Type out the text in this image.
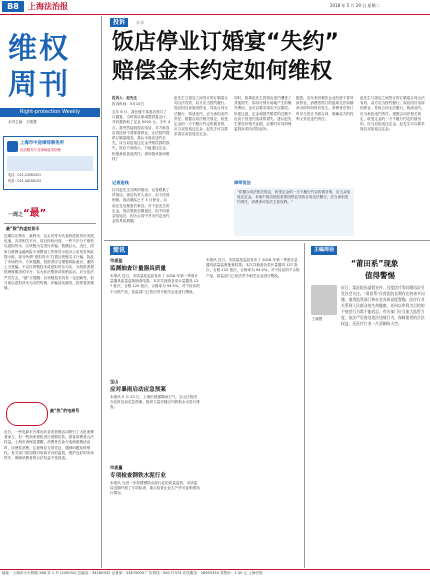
B8	上海法治报	2018 年 5 月 29 日 星期二
维权
周刊
Right-protection Weekly
本刊主编：王啸慧
上海市中房律师事务所
优质服务专业律师值得信赖
电话：021-24563451
传真：021-48160153
一周之“最”
最“假”的虚拟货币
近期以比特币、莱特币、以太坊等为代表的虚拟货币发展迅速，各类相关平台、项目纷纷出现，一些不法分子借机以虚拟货币、区块链为名进行诈骗，数额巨大。近日，国家互联网金融风险专项整治工作领导小组办公室发布风险提示称，部分所谓“虚拟货币”打着区块链名义行骗，扰乱了市场秩序。专家提醒，投资者应当增强风险意识，谨防上当受骗。不以区块链技术或虚拟货币为名，为投资者提供理财服务的平台，实为非法集资或传销活动，应当依法严厉打击。“最”字提醒：区块链技术具有一定创新性，但当前以虚拟货币为名的传销、诈骗活动频发，投资者须谨慎。
最“热”的电商号
近日，一些电商平台推出的各类营销活动吸引了大批消费者参与，但一些商家借机进行虚假宣传，损害消费者合法权益。上海市消保委提醒，消费者在参与电商促销活动时，应理性消费，注意保存交易凭证，遇到问题及时维权。有关部门将加强对电商平台的监管，维护良好的市场秩序，保障消费者的合法权益不受侵害。
投诉	实录
饭店停业订婚宴“失约”
赔偿金未约定如何维权
投诉人：赵先生
投诉时间：5月10日
去年 6 月，我在楼下某饭店预订了订婚宴，当时饭店承诺提供宴会厅，并向我收取了定金 5000 元。今年 4 月，我突然接到饭店电话，对方称饭店因经营不善即将停业，无法按约提供订婚宴服务。我认为饭店违约在先，应当双倍返还定金并赔偿我的损失。饭店方面表示，只能退还定金，拒绝承担其他责任。请问我该如何维权？
记者连线
针对赵先生反映的情况，记者联系了该饭店。饭店负责人表示，由于经营困难，饭店确实已于 5 月停业，目前正在处理善后事宜。对于赵先生的定金，饭店愿意全额退还，但不同意双倍返还，因为合同中并未约定违约金的具体数额。
赵先生与饭店之间签订的订婚宴合同合法有效，双方应当按约履行。饭店因自身原因停业，导致合同无法履行，构成违约，应当承担违约责任。根据合同法相关规定，收受定金的一方不履行约定的债务的，应当双倍返还定金。赵先生可以要求饭店双倍返还定金。
同时，如果赵先生因饭店违约遭受了其他损失，如另行预订场地产生的额外费用，也可以要求饭店予以赔偿。但需注意，定金和损失赔偿的总额不应高于因违约造成的损失。建议赵先生保存好相关证据，必要时可向消保委投诉或向法院起诉。
律师说法
“依据合同法相关规定，收受定金的一方不履行约定的债务的，应当双倍返还定金。本案中饭店因经营原因停业导致合同无法履行，应当承担违约责任，消费者可依法主张权利。”
据悉，近年来因餐饮企业经营不善导致停业，消费者预订的宴席无法如期举办的纠纷时有发生。消费者在预订时应当签订书面合同，明确双方的权利义务及违约责任。
赵先生与饭店之间签订的订婚宴合同合法有效，双方应当按约履行。饭店因自身原因停业，导致合同无法履行，构成违约，应当承担违约责任。根据合同法相关规定，收受定金的一方不履行约定的债务的，应当双倍返还定金。赵先生可以要求饭店双倍返还定金。
简讯
市质监
监测抽查计量器具质量
本报讯 近日，市质量技监局发布了 2018 年第一季度计量器具质量监督抽查结果。本次共抽查各类计量器具 127 批次，合格 120 批次，合格率为 94.5%。对于检出的不合格产品，质监部门已依法责令相关企业进行整改。
宝山
应对暴雨启动应急预案
本报讯 5 月 23 日，上海出现强降雨天气，宝山区防汛办及时启动应急预案，组织力量对辖区内的积水点进行排查。
市质量
专项检查钢铁水泥行业
本报讯 为进一步加强钢铁水泥行业的质量监管，市质监局近期开展了专项检查，重点检查企业生产许可证制度执行情况。
本报讯 近日，市质量技监局发布了 2018 年第一季度计量器具质量监督抽查结果。本次共抽查各类计量器具 127 批次，合格 120 批次，合格率为 94.5%。对于检出的不合格产品，质监部门已依法责令相关企业进行整改。
主编周话
“莆田系”现象
值得警惕
王啸慧
近日，某医院因虚假宣传、过度医疗等问题再次引发社会关注。“莆田系”民营医院长期存在的诸多问题，值得监管部门和社会各界高度警惕。医疗行业关系到人民群众的生命健康，任何以牟利为目的的不规范行为都不能容忍。有关部门应当加大监管力度，依法严厉查处违法违规行为，保障患者的合法权益，还医疗行业一片清朗的天空。
地址：上海市小木桥路 268 弄 1 号 (200032) 总编室：34160932 记者部：33675000 广告热线：64177374 在线服务：28953353 零售价：1.50 元 上海法报
